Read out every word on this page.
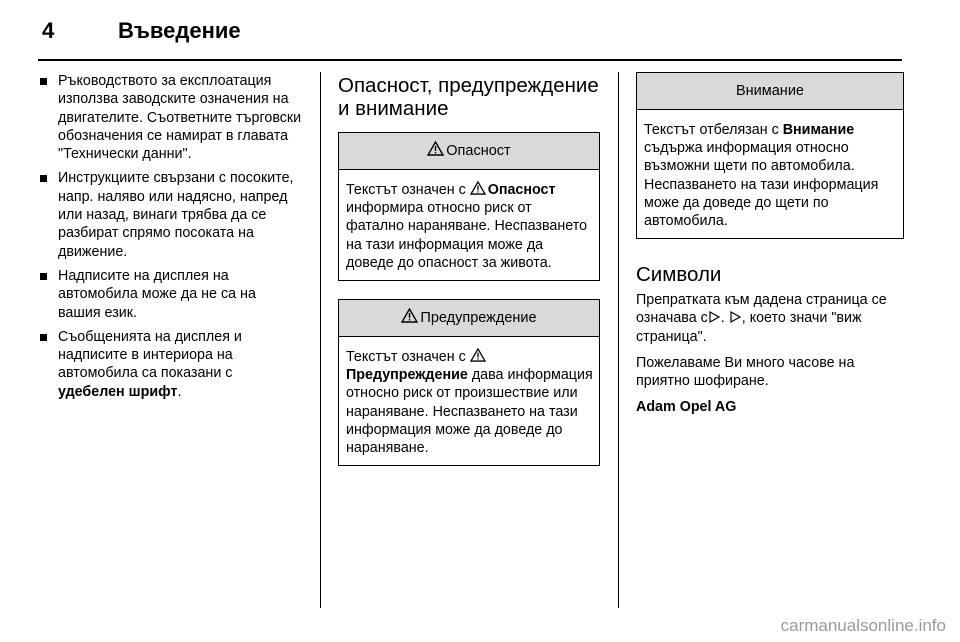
4	Въведение
Ръководството за експлоатация използва заводските означения на двигателите. Съответните търговски обозначения се намират в главата "Технически данни".
Инструкциите свързани с посоките, напр. наляво или надясно, напред или назад, винаги трябва да се разбират спрямо посоката на движение.
Надписите на дисплея на автомобила може да не са на вашия език.
Съобщенията на дисплея и надписите в интериора на автомобила са показани с удебелен шрифт.
Опасност, предупреждение и внимание
Опасност
Текстът означен с Опасност информира относно риск от фатално нараняване. Неспазването на тази информация може да доведе до опасност за живота.
Предупреждение
Текстът означен с Предупреждение дава информация относно риск от произшествие или нараняване. Неспазването на тази информация може да доведе до нараняване.
Внимание
Текстът отбелязан с Внимание съдържа информация относно възможни щети по автомобила. Неспазването на тази информация може да доведе до щети по автомобила.
Символи

Препратката към дадена страница се означава с . , което значи "виж страница".

Пожелаваме Ви много часове на приятно шофиране.

Adam Opel AG

carmanualsonline.info
